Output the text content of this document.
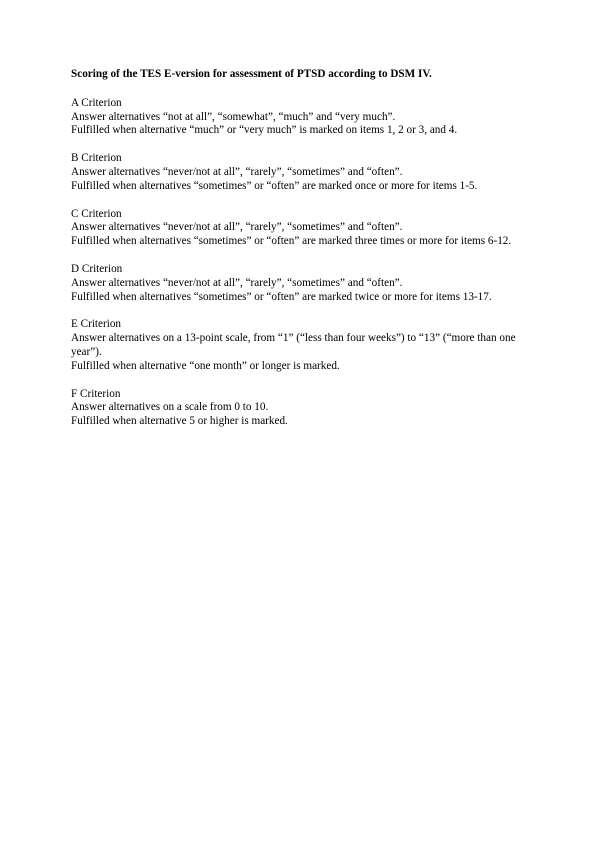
Scoring of the TES E-version for assessment of PTSD according to DSM IV.

A Criterion

Answer alternatives “not at all”, “somewhat”, “much” and “very much”.

Fulfilled when alternative “much” or “very much” is marked on items 1, 2 or 3, and 4.

B Criterion

Answer alternatives “never/not at all”, “rarely”, “sometimes” and “often”.

Fulfilled when alternatives “sometimes” or “often” are marked once or more for items 1-5.

C Criterion

Answer alternatives “never/not at all”, “rarely”, “sometimes” and “often”.

Fulfilled when alternatives “sometimes” or “often” are marked three times or more for items 6-12.

D Criterion

Answer alternatives “never/not at all”, “rarely”, “sometimes” and “often”.

Fulfilled when alternatives “sometimes” or “often” are marked twice or more for items 13-17.

E Criterion

Answer alternatives on a 13-point scale, from “1” (“less than four weeks”) to “13” (“more than one year”).

Fulfilled when alternative “one month” or longer is marked.

F Criterion

Answer alternatives on a scale from 0 to 10.

Fulfilled when alternative 5 or higher is marked.
